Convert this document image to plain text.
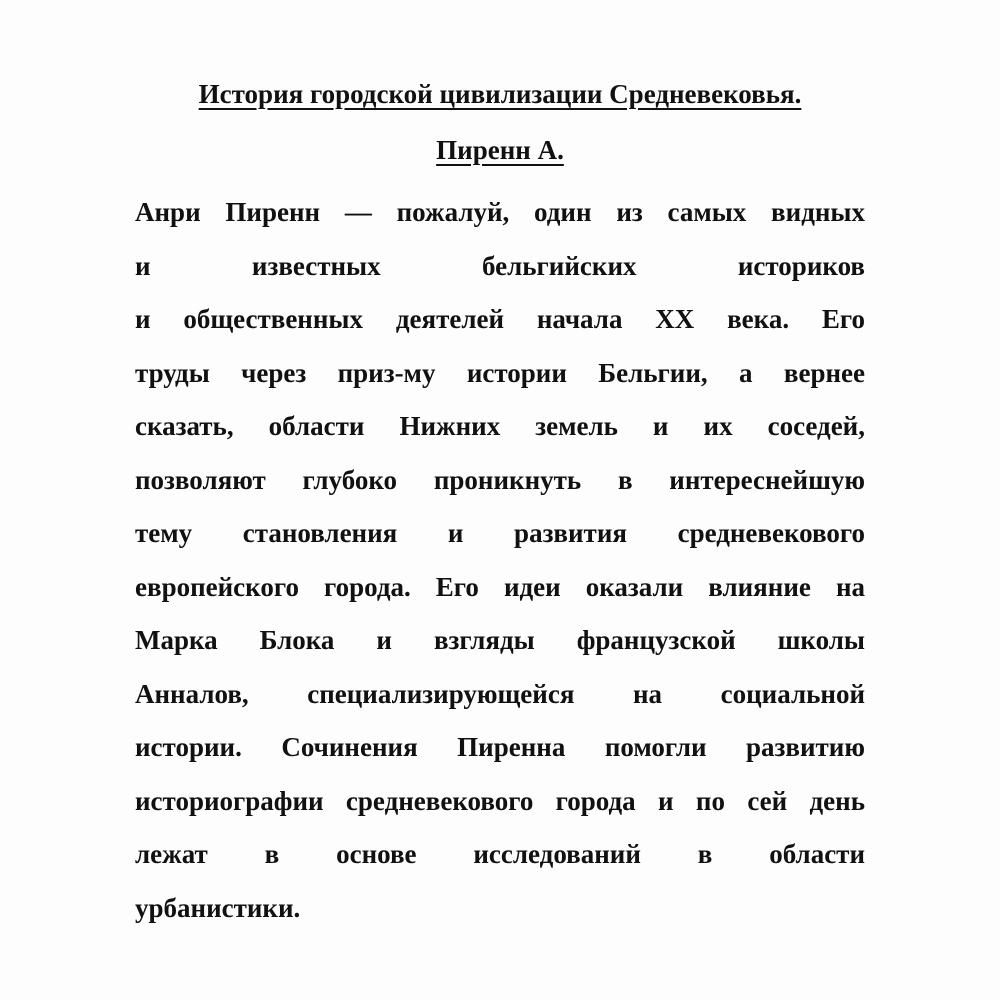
История городской цивилизации Средневековья.
Пиренн А.
Анри Пиренн — пожалуй, один из самых видных
и известных бельгийских историков
и общественных деятелей начала XX века. Его
труды через приз-му истории Бельгии, а вернее
сказать, области Нижних земель и их соседей,
позволяют глубоко проникнуть в интереснейшую
тему становления и развития средневекового
европейского города. Его идеи оказали влияние на
Марка Блока и взгляды французской школы
Анналов, специализирующейся на социальной
истории. Сочинения Пиренна помогли развитию
историографии средневекового города и по сей день
лежат в основе исследований в области
урбанистики.
